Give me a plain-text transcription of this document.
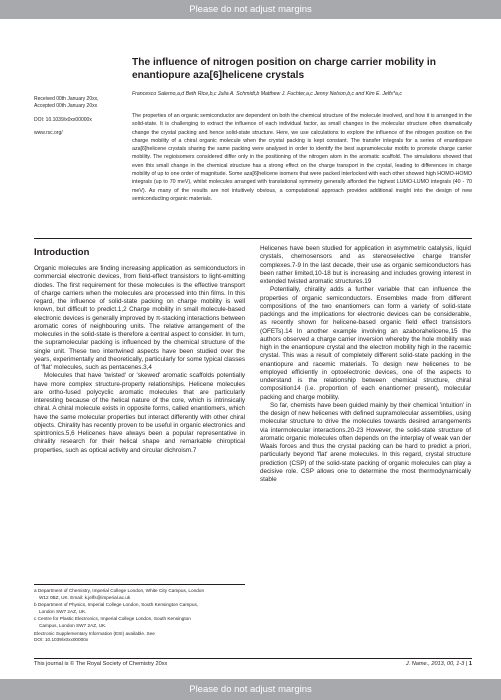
Please do not adjust margins
Received 00th January 20xx,
Accepted 00th January 20xx
DOI: 10.1039/x0xx00000x
www.rsc.org/
The influence of nitrogen position on charge carrier mobility in enantiopure aza[6]helicene crystals
Francesco Salerno,a,d Beth Rice,b,c Julia A. Schmidt,b Matthew J. Fuchter,a,c Jenny Nelson,b,c and Kim E. Jelfs*a,c

The properties of an organic semiconductor are dependent on both the chemical structure of the molecule involved, and how it is arranged in the solid-state. It is challenging to extract the influence of each individual factor, as small changes in the molecular structure often dramatically change the crystal packing and hence solid-state structure. Here, we use calculations to explore the influence of the nitrogen position on the charge mobility of a chiral organic molecule when the crystal packing is kept constant. The transfer integrals for a series of enantiopure aza[6]helicene crystals sharing the same packing were analysed in order to identify the best supramolecular motifs to promote charge carrier mobility. The regioisomers considered differ only in the positioning of the nitrogen atom in the aromatic scaffold. The simulations showed that even this small change in the chemical structure has a strong effect on the charge transport in the crystal, leading to differences in charge mobility of up to one order of magnitude. Some aza[6]helicene isomers that were packed interlocked with each other showed high HOMO-HOMO integrals (up to 70 meV), whilst molecules arranged with translational symmetry generally afforded the highest LUMO-LUMO integrals (40 - 70 meV). As many of the results are not intuitively obvious, a computational approach provides additional insight into the design of new semiconducting organic materials.

Introduction

Organic molecules are finding increasing application as semiconductors in commercial electronic devices, from field-effect transistors to light-emitting diodes. The first requirement for these molecules is the effective transport of charge carriers when the molecules are processed into thin films. In this regard, the influence of solid-state packing on charge mobility is well known, but difficult to predict.1,2 Charge mobility in small molecule-based electronic devices is generally improved by π-stacking interactions between aromatic cores of neighbouring units. The relative arrangement of the molecules in the solid-state is therefore a central aspect to consider. In turn, the supramolecular packing is influenced by the chemical structure of the single unit. These two intertwined aspects have been studied over the years, experimentally and theoretically, particularly for some typical classes of 'flat' molecules, such as pentacenes.3,4

Molecules that have 'twisted' or 'skewed' aromatic scaffolds potentially have more complex structure-property relationships. Helicene molecules are ortho-fused polycyclic aromatic molecules that are particularly interesting because of the helical nature of the core, which is intrinsically chiral. A chiral molecule exists in opposite forms, called enantiomers, which have the same molecular properties but interact differently with other chiral objects. Chirality has recently proven to be useful in organic electronics and spintronics.5,6 Helicenes have always been a popular representative in chirality research for their helical shape and remarkable chiroptical properties, such as optical activity and circular dichroism.7

Helicenes have been studied for application in asymmetric catalysis, liquid crystals, chemosensors and as stereoselective charge transfer complexes.7-9 In the last decade, their use as organic semiconductors has been rather limited,10-18 but is increasing and includes growing interest in extended twisted aromatic structures.19

Potentially, chirality adds a further variable that can influence the properties of organic semiconductors. Ensembles made from different compositions of the two enantiomers can form a variety of solid-state packings and the implications for electronic devices can be considerable, as recently shown for helicene-based organic field effect transistors (OFETs).14 In another example involving an azaborahelicene,15 the authors observed a charge carrier inversion whereby the hole mobility was high in the enantiopure crystal and the electron mobility high in the racemic crystal. This was a result of completely different solid-state packing in the enantiopure and racemic materials. To design new helicenes to be employed efficiently in optoelectronic devices, one of the aspects to understand is the relationship between chemical structure, chiral composition14 (i.e. proportion of each enantiomer present), molecular packing and charge mobility.

So far, chemists have been guided mainly by their chemical 'intuition' in the design of new helicenes with defined supramolecular assemblies, using molecular structure to drive the molecules towards desired arrangements via intermolecular interactions.20-23 However, the solid-state structure of aromatic organic molecules often depends on the interplay of weak van der Waals forces and thus the crystal packing can be hard to predict a priori, particularly beyond 'flat' arene molecules. In this regard, crystal structure prediction (CSP) of the solid-state packing of organic molecules can play a decisive role. CSP allows one to determine the most thermodynamically stable

a Department of Chemistry, Imperial College London, White City Campus, London
W12 0BZ, UK. Email: k.jelfs@imperial.ac.uk
b Department of Physics, Imperial College London, South Kensington Campus,
London SW7 2AZ, UK.
c Centre for Plastic Electronics, Imperial College London, South Kensington
Campus, London SW7 2AZ, UK.
Electronic Supplementary Information (ESI) available. See
DOI: 10.1039/x0xx00000x
This journal is © The Royal Society of Chemistry 20xx	J. Name., 2013, 00, 1-3 | 1
Please do not adjust margins
